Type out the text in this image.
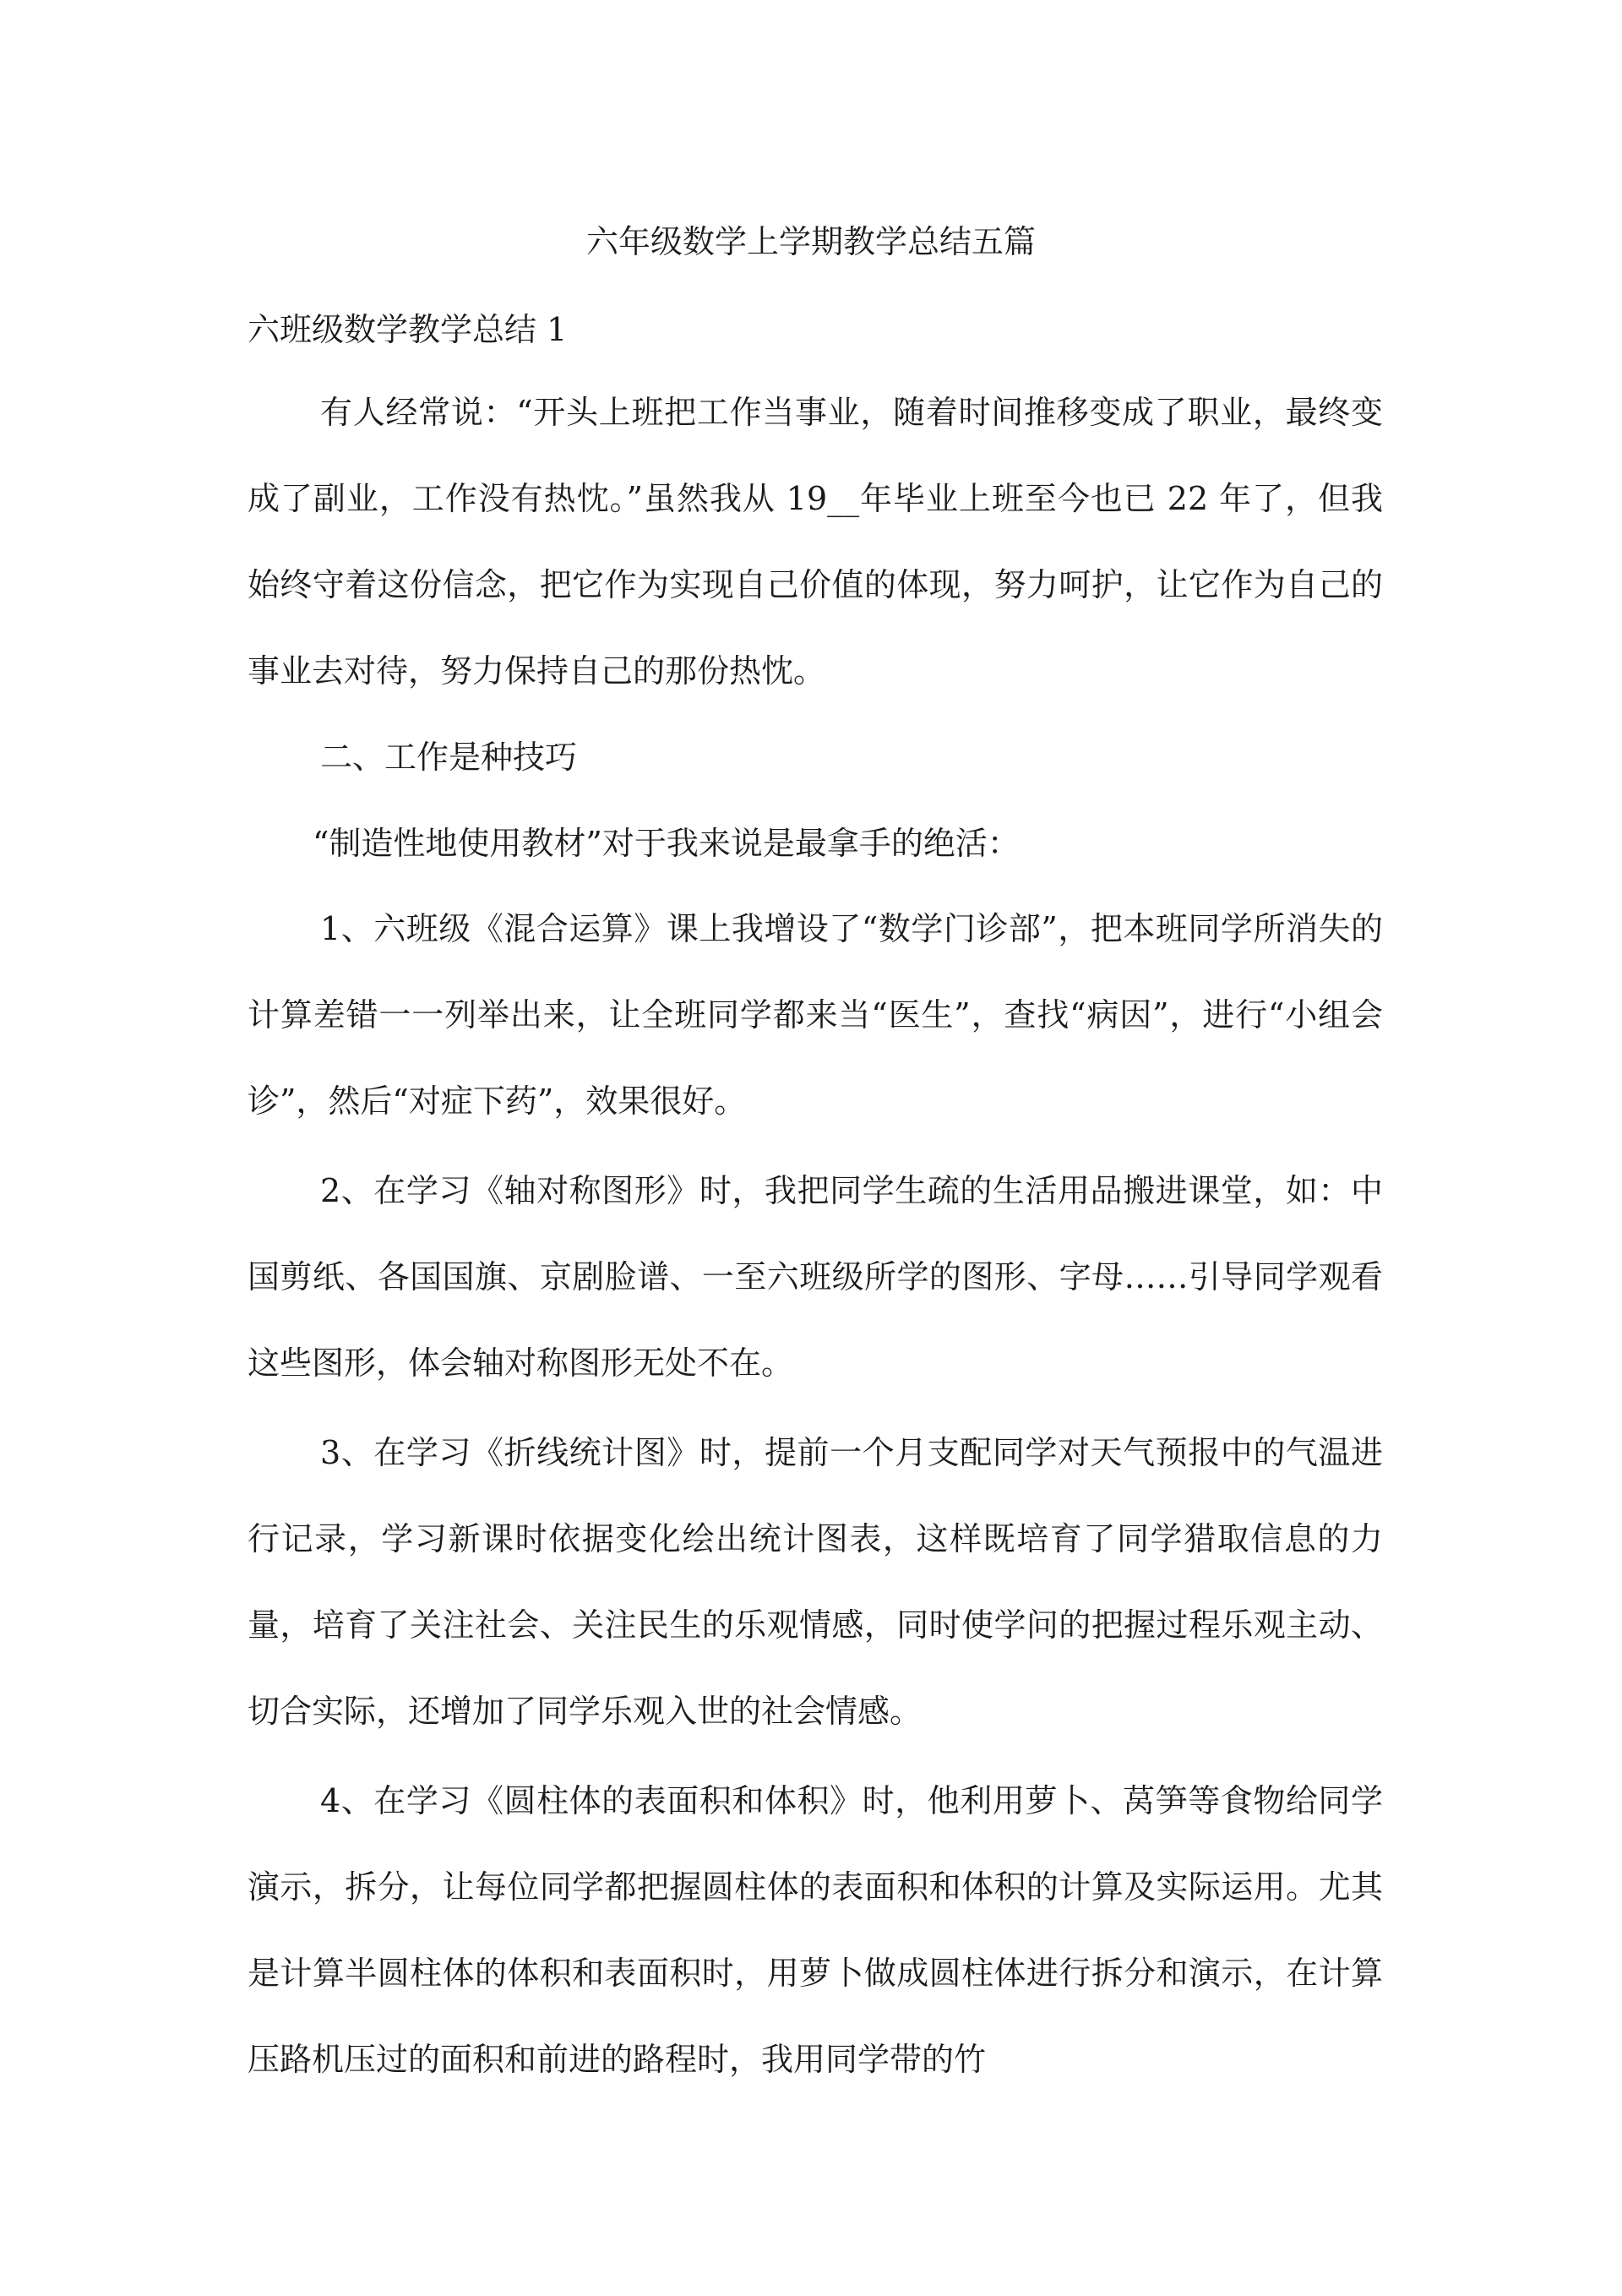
六年级数学上学期教学总结五篇
六班级数学教学总结 1

有人经常说：“开头上班把工作当事业，随着时间推移变成了职业，最终变成了副业，工作没有热忱。”虽然我从 19__年毕业上班至今也已 22 年了，但我始终守着这份信念，把它作为实现自己价值的体现，努力呵护，让它作为自己的事业去对待，努力保持自己的那份热忱。

二、工作是种技巧
“制造性地使用教材”对于我来说是最拿手的绝活：

1、六班级《混合运算》课上我增设了“数学门诊部”，把本班同学所消失的计算差错一一列举出来，让全班同学都来当“医生”，查找“病因”，进行“小组会诊”，然后“对症下药”，效果很好。

2、在学习《轴对称图形》时，我把同学生疏的生活用品搬进课堂，如：中国剪纸、各国国旗、京剧脸谱、一至六班级所学的图形、字母……引导同学观看这些图形，体会轴对称图形无处不在。

3、在学习《折线统计图》时，提前一个月支配同学对天气预报中的气温进行记录，学习新课时依据变化绘出统计图表，这样既培育了同学猎取信息的力量，培育了关注社会、关注民生的乐观情感，同时使学问的把握过程乐观主动、切合实际，还增加了同学乐观入世的社会情感。

4、在学习《圆柱体的表面积和体积》时，他利用萝卜、莴笋等食物给同学演示，拆分，让每位同学都把握圆柱体的表面积和体积的计算及实际运用。尤其是计算半圆柱体的体积和表面积时，用萝卜做成圆柱体进行拆分和演示，在计算压路机压过的面积和前进的路程时，我用同学带的竹
